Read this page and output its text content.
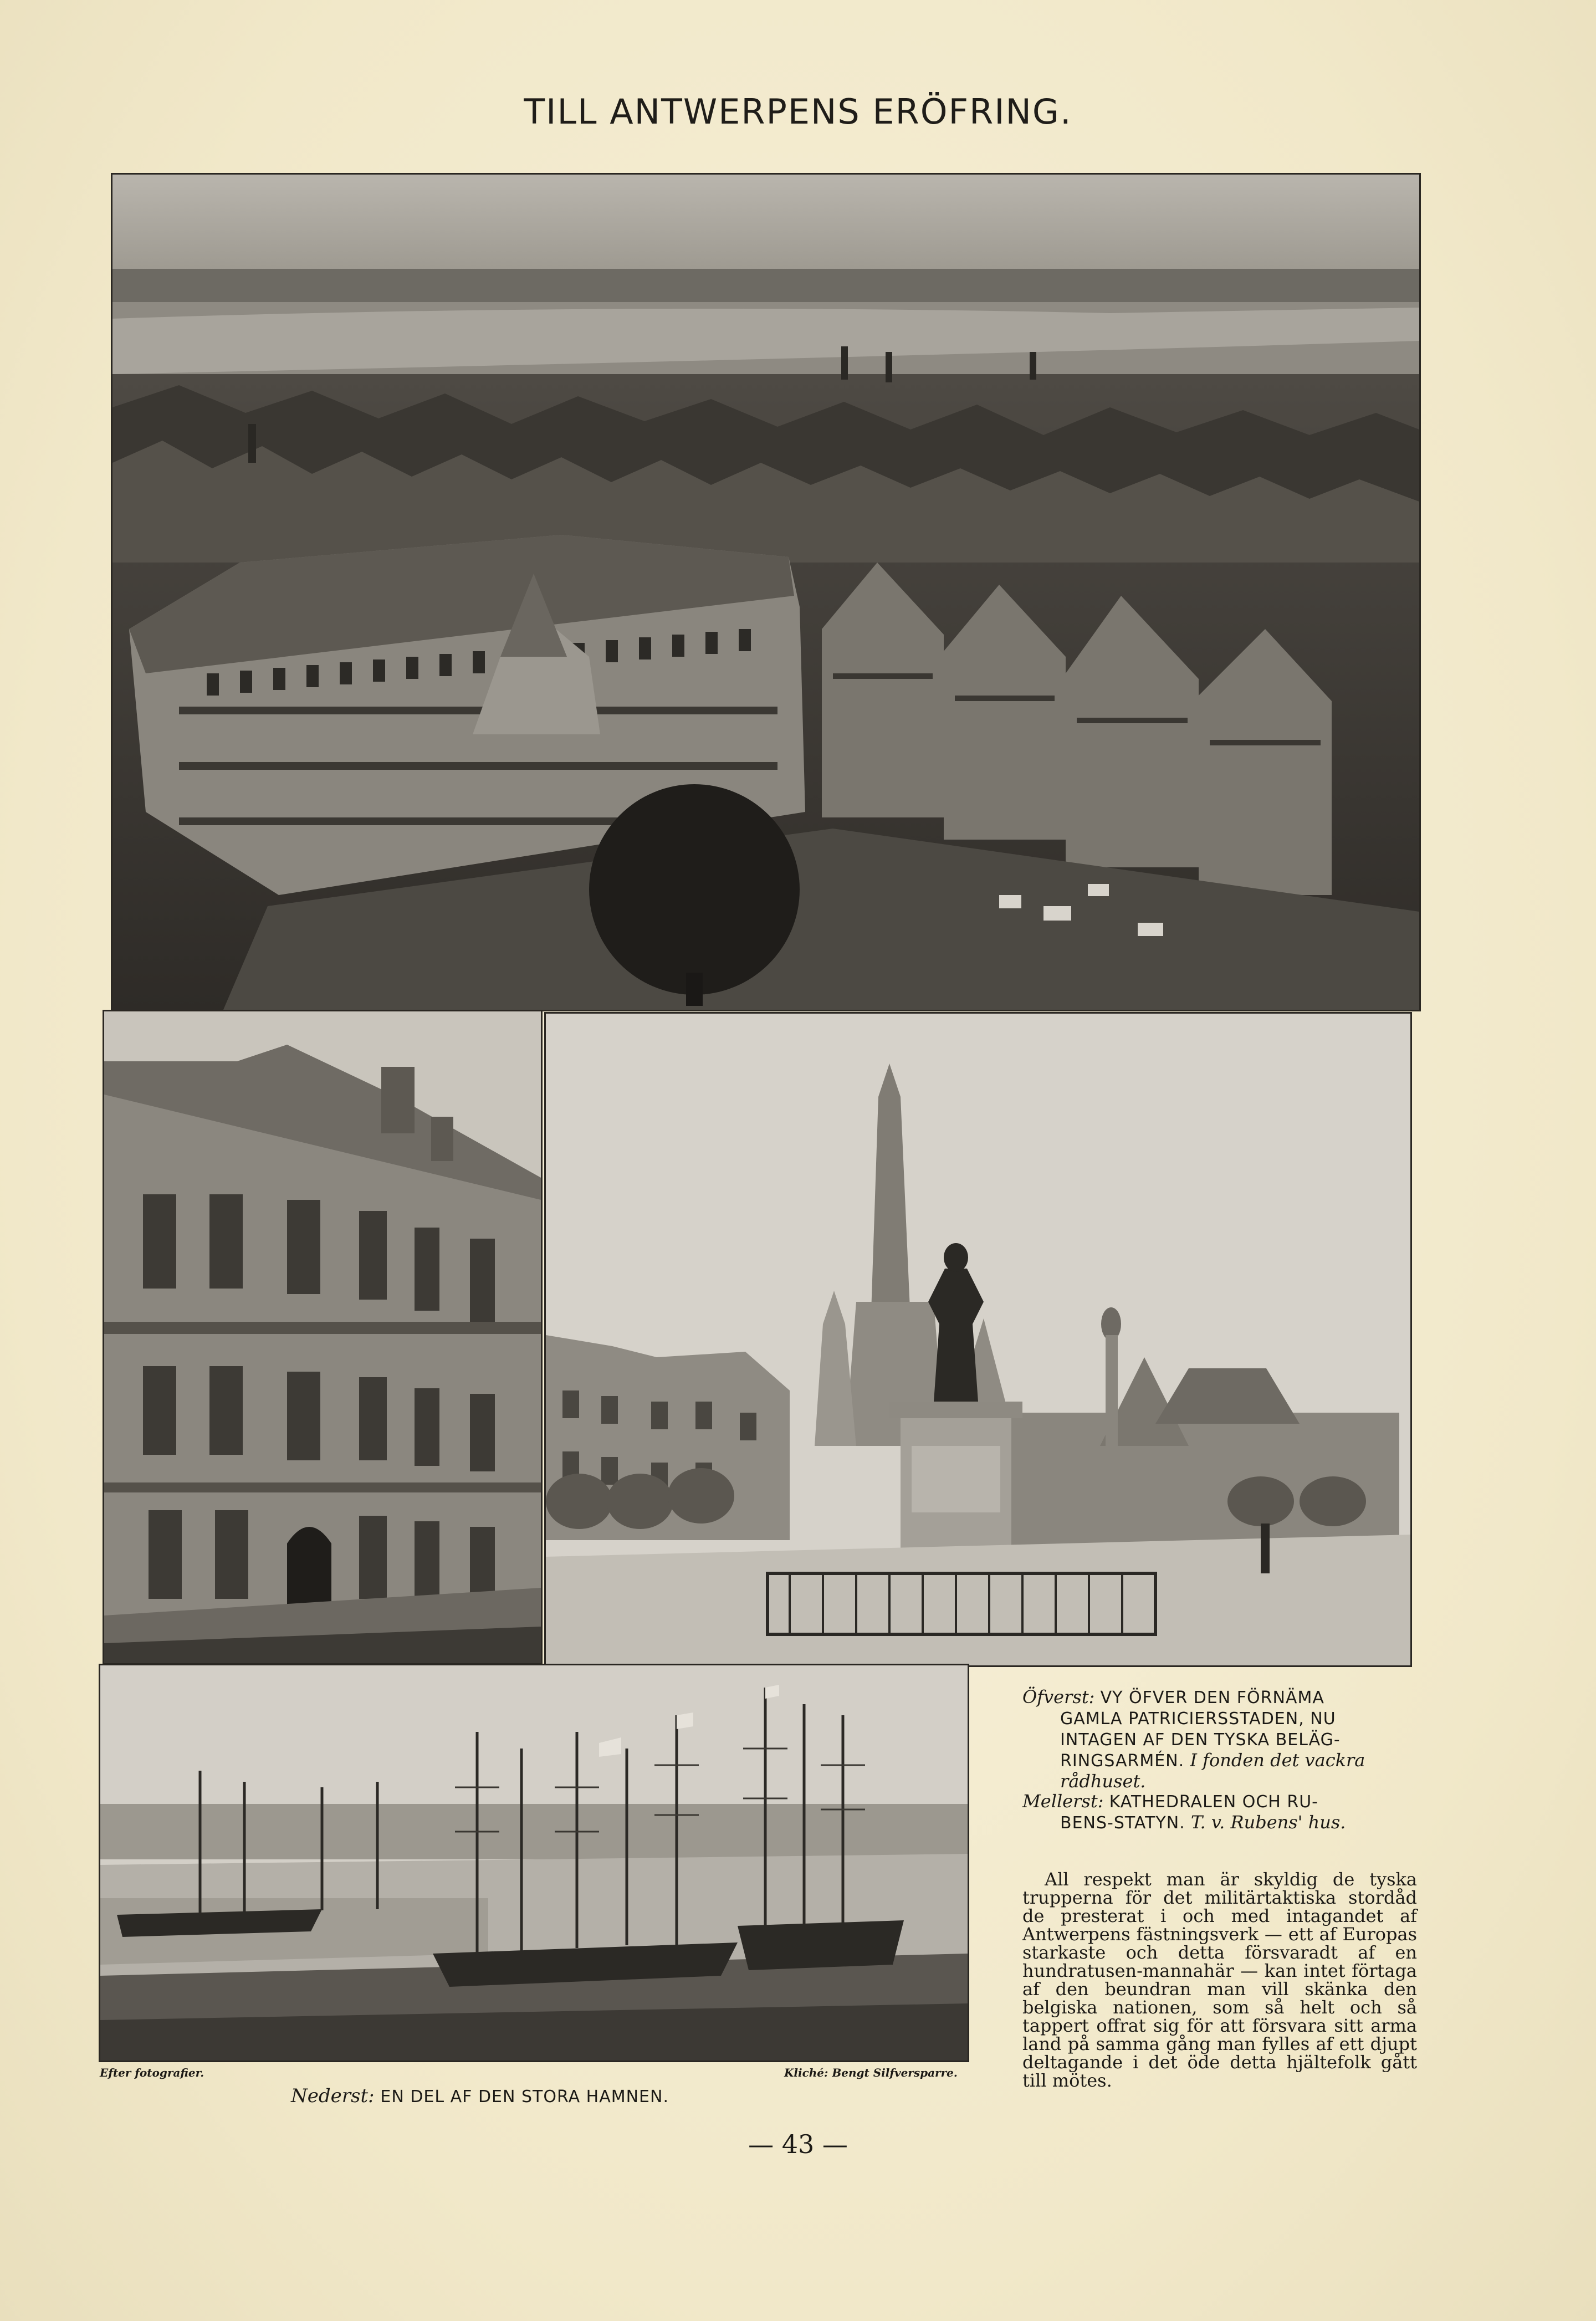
TILL ANTWERPENS ERÖFRING.
Öfverst: VY ÖFVER DEN FÖRNÄMA
GAMLA PATRICIERSSTADEN, NU
INTAGEN AF DEN TYSKA BELÄG-
RINGSARMÉN. I fonden det vackra
rådhuset.
Mellerst: KATHEDRALEN OCH RU-
BENS-STATYN. T. v. Rubens' hus.
All respekt man är skyldig de tyska trupperna för det militärtaktiska stordåd de presterat i och med intagandet af Antwerpens fästningsverk — ett af Europas starkaste och detta försvaradt af en hundratusen-mannahär — kan intet förtaga af den beundran man vill skänka den belgiska nationen, som så helt och så tappert offrat sig för att försvara sitt arma land på samma gång man fylles af ett djupt deltagande i det öde detta hjältefolk gått till mötes.
Efter fotografier.	Kliché: Bengt Silfversparre.
Nederst: EN DEL AF DEN STORA HAMNEN.
— 43 —
